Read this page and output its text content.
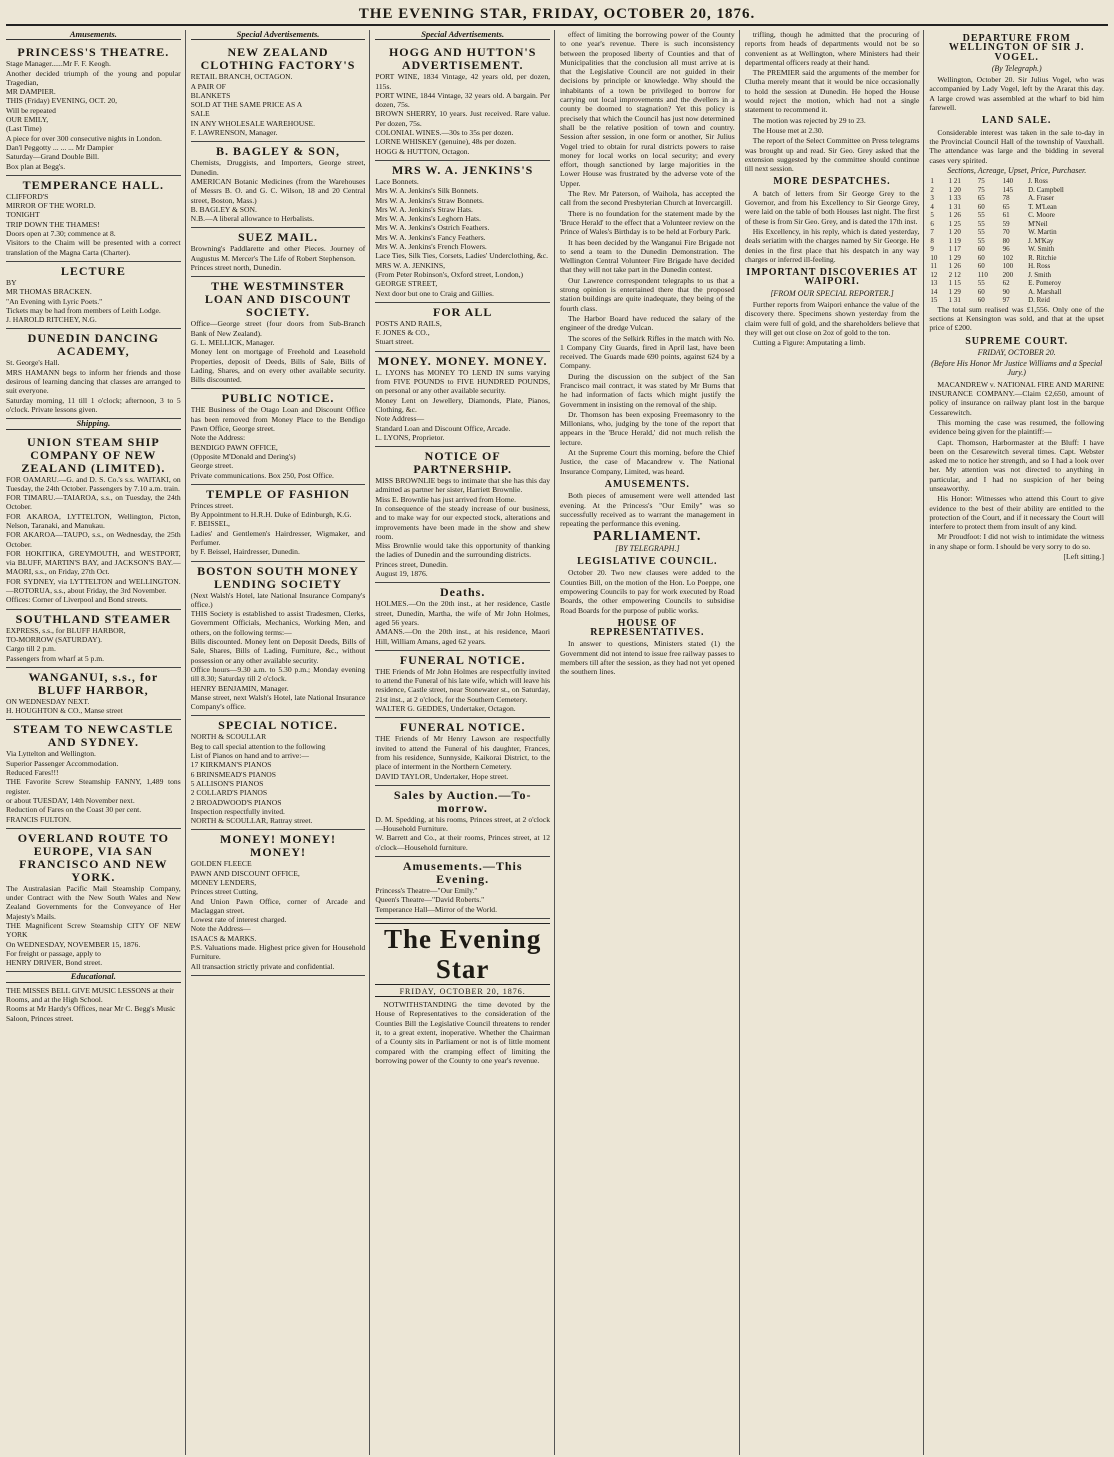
THE EVENING STAR, FRIDAY, OCTOBER 20, 1876.
Amusements.
PRINCESS'S THEATRE.
Stage Manager......Mr F. F. Keogh.
Another decided triumph of the young and popular Tragedian,
MR DAMPIER.
THIS (Friday) EVENING, OCT. 20,
Will be repeated
OUR EMILY,
(Last Time)
A piece for over 300 consecutive nights in London.
Dan'l Peggotty ... ... ... Mr Dampier
Saturday—Grand Double Bill.
Box plan at Begg's.
TEMPERANCE HALL.
CLIFFORD'S
MIRROR OF THE WORLD.
TONIGHT
TRIP DOWN THE THAMES!
Doors open at 7.30; commence at 8.
Visitors to the Chaim will be presented with a correct translation of the Magna Carta (Charter).
LECTURE
BY
MR THOMAS BRACKEN.
"An Evening with Lyric Poets."
Tickets may be had from members of Leith Lodge.
J. HAROLD RITCHEY, N.G.
DUNEDIN DANCING ACADEMY,
St. George's Hall.
MRS HAMANN begs to inform her friends and those desirous of learning dancing that classes are arranged to suit everyone.
Saturday morning, 11 till 1 o'clock; afternoon, 3 to 5 o'clock. Private lessons given.
Shipping.
UNION STEAM SHIP COMPANY OF NEW ZEALAND (LIMITED).
FOR OAMARU.—G. and D. S. Co.'s s.s. WAITAKI, on Tuesday, the 24th October. Passengers by 7.10 a.m. train.
FOR TIMARU.—TAIAROA, s.s., on Tuesday, the 24th October.
FOR AKAROA, LYTTELTON, Wellington, Picton, Nelson, Taranaki, and Manukau.
FOR AKAROA—TAUPO, s.s., on Wednesday, the 25th October.
FOR HOKITIKA, GREYMOUTH, and WESTPORT, via BLUFF, MARTIN'S BAY, and JACKSON'S BAY.—MAORI, s.s., on Friday, 27th Oct.
FOR SYDNEY, via LYTTELTON and WELLINGTON.—ROTORUA, s.s., about Friday, the 3rd November.
Offices: Corner of Liverpool and Bond streets.
SOUTHLAND STEAMER
EXPRESS, s.s., for BLUFF HARBOR,
TO-MORROW (SATURDAY).
Cargo till 2 p.m.
Passengers from wharf at 5 p.m.
WANGANUI, s.s., for BLUFF HARBOR,
ON WEDNESDAY NEXT.
H. HOUGHTON & CO., Manse street
STEAM TO NEWCASTLE AND SYDNEY.
Via Lyttelton and Wellington.
Superior Passenger Accommodation.
Reduced Fares!!!
THE Favorite Screw Steamship FANNY, 1,489 tons register.
or about TUESDAY, 14th November next.
Reduction of Fares on the Coast 30 per cent.
FRANCIS FULTON.
OVERLAND ROUTE TO EUROPE, VIA SAN FRANCISCO AND NEW YORK.
The Australasian Pacific Mail Steamship Company, under Contract with the New South Wales and New Zealand Governments for the Conveyance of Her Majesty's Mails.
THE Magnificent Screw Steamship CITY OF NEW YORK
On WEDNESDAY, NOVEMBER 15, 1876.
For freight or passage, apply to
HENRY DRIVER, Bond street.
Educational.
THE MISSES BELL GIVE MUSIC LESSONS at their Rooms, and at the High School.
Rooms at Mr Hardy's Offices, near Mr C. Begg's Music Saloon, Princes street.
Special Advertisements.
NEW ZEALAND CLOTHING FACTORY'S
RETAIL BRANCH, OCTAGON.
A PAIR OF
BLANKETS
SOLD AT THE SAME PRICE AS A
SALE
IN ANY WHOLESALE WAREHOUSE.
F. LAWRENSON, Manager.
B. BAGLEY & SON,
Chemists, Druggists, and Importers, George street, Dunedin.
AMERICAN Botanic Medicines (from the Warehouses of Messrs B. O. and G. C. Wilson, 18 and 20 Central street, Boston, Mass.)
B. BAGLEY & SON.
N.B.—A liberal allowance to Herbalists.
SUEZ MAIL.
Browning's Paddlarette and other Pieces. Journey of Augustus M. Mercer's The Life of Robert Stephenson.
Princes street north, Dunedin.
THE WESTMINSTER LOAN AND DISCOUNT SOCIETY.
Office—George street (four doors from Sub-Branch Bank of New Zealand).
G. L. MELLICK, Manager.
Money lent on mortgage of Freehold and Leasehold Properties, deposit of Deeds, Bills of Sale, Bills of Lading, Shares, and on every other available security. Bills discounted.
PUBLIC NOTICE.
THE Business of the Otago Loan and Discount Office has been removed from Money Place to the Bendigo Pawn Office, George street.
Note the Address:
BENDIGO PAWN OFFICE,
(Opposite M'Donald and Dering's)
George street.
Private communications. Box 250, Post Office.
TEMPLE OF FASHION
Princes street.
By Appointment to H.R.H. Duke of Edinburgh, K.G.
F. BEISSEL,
Ladies' and Gentlemen's Hairdresser, Wigmaker, and Perfumer.
by F. Beissel, Hairdresser, Dunedin.
BOSTON SOUTH MONEY LENDING SOCIETY
(Next Walsh's Hotel, late National Insurance Company's office.)
THIS Society is established to assist Tradesmen, Clerks, Government Officials, Mechanics, Working Men, and others, on the following terms:—
Bills discounted. Money lent on Deposit Deeds, Bills of Sale, Shares, Bills of Lading, Furniture, &c., without possession or any other available security.
Office hours—9.30 a.m. to 5.30 p.m.; Monday evening till 8.30; Saturday till 2 o'clock.
HENRY BENJAMIN, Manager.
Manse street, next Walsh's Hotel, late National Insurance Company's office.
SPECIAL NOTICE.
NORTH & SCOULLAR
Beg to call special attention to the following
List of Pianos on hand and to arrive:—
17 KIRKMAN'S PIANOS
6 BRINSMEAD'S PIANOS
5 ALLISON'S PIANOS
2 COLLARD'S PIANOS
2 BROADWOOD'S PIANOS
Inspection respectfully invited.
NORTH & SCOULLAR, Rattray street.
MONEY! MONEY! MONEY!
GOLDEN FLEECE
PAWN AND DISCOUNT OFFICE,
MONEY LENDERS,
Princes street Cutting,
And Union Pawn Office, corner of Arcade and Maclaggan street.
Lowest rate of interest charged.
Note the Address—
ISAACS & MARKS.
P.S. Valuations made. Highest price given for Household Furniture.
All transaction strictly private and confidential.
Special Advertisements.
HOGG AND HUTTON'S ADVERTISEMENT.
PORT WINE, 1834 Vintage, 42 years old, per dozen, 115s.
PORT WINE, 1844 Vintage, 32 years old. A bargain. Per dozen, 75s.
BROWN SHERRY, 10 years. Just received. Rare value. Per dozen, 75s.
COLONIAL WINES.—30s to 35s per dozen.
LORNE WHISKEY (genuine), 48s per dozen.
HOGG & HUTTON, Octagon.
MRS W. A. JENKINS'S
Lace Bonnets.
Mrs W. A. Jenkins's Silk Bonnets.
Mrs W. A. Jenkins's Straw Bonnets.
Mrs W. A. Jenkins's Straw Hats.
Mrs W. A. Jenkins's Leghorn Hats.
Mrs W. A. Jenkins's Ostrich Feathers.
Mrs W. A. Jenkins's Fancy Feathers.
Mrs W. A. Jenkins's French Flowers.
Lace Ties, Silk Ties, Corsets, Ladies' Underclothing, &c.
MRS W. A. JENKINS,
(From Peter Robinson's, Oxford street, London,)
GEORGE STREET,
Next door but one to Craig and Gillies.
FOR ALL
POSTS AND RAILS,
F. JONES & CO.,
Stuart street.
MONEY. MONEY. MONEY.
L. LYONS has MONEY TO LEND IN sums varying from FIVE POUNDS to FIVE HUNDRED POUNDS, on personal or any other available security.
Money Lent on Jewellery, Diamonds, Plate, Pianos, Clothing, &c.
Note Address—
Standard Loan and Discount Office, Arcade.
L. LYONS, Proprietor.
NOTICE OF PARTNERSHIP.
MISS BROWNLIE begs to intimate that she has this day admitted as partner her sister, Harriett Brownlie.
Miss E. Brownlie has just arrived from Home.
In consequence of the steady increase of our business, and to make way for our expected stock, alterations and improvements have been made in the show and shew room.
Miss Brownlie would take this opportunity of thanking the ladies of Dunedin and the surrounding districts.
Princes street, Dunedin.
August 19, 1876.
Deaths.
HOLMES.—On the 20th inst., at her residence, Castle street, Dunedin, Martha, the wife of Mr John Holmes, aged 56 years.
AMANS.—On the 20th inst., at his residence, Maori Hill, William Amans, aged 62 years.
FUNERAL NOTICE.
THE Friends of Mr John Holmes are respectfully invited to attend the Funeral of his late wife, which will leave his residence, Castle street, near Stonewater st., on Saturday, 21st inst., at 2 o'clock, for the Southern Cemetery.
WALTER G. GEDDES, Undertaker, Octagon.
FUNERAL NOTICE.
THE Friends of Mr Henry Lawson are respectfully invited to attend the Funeral of his daughter, Frances, from his residence, Sunnyside, Kaikorai District, to the place of interment in the Northern Cemetery.
DAVID TAYLOR, Undertaker, Hope street.
Sales by Auction.—To-morrow.
D. M. Spedding, at his rooms, Princes street, at 2 o'clock—Household Furniture.
W. Barrett and Co., at their rooms, Princes street, at 12 o'clock—Household furniture.
Amusements.—This Evening.
Princess's Theatre—"Our Emily."
Queen's Theatre—"David Roberts."
Temperance Hall—Mirror of the World.
The Evening Star
FRIDAY, OCTOBER 20, 1876.

NOTWITHSTANDING the time devoted by the House of Representatives to the consideration of the Counties Bill the Legislative Council threatens to render it, to a great extent, inoperative. Whether the Chairman of a County sits in Parliament or not is of little moment compared with the cramping effect of limiting the borrowing power of the County to one year's revenue.

effect of limiting the borrowing power of the County to one year's revenue. There is such inconsistency between the proposed liberty of Counties and that of Municipalities that the conclusion all must arrive at is that the Legislative Council are not guided in their decisions by principle or knowledge. Why should the inhabitants of a town be privileged to borrow for carrying out local improvements and the dwellers in a county be doomed to stagnation? Yet this policy is precisely that which the Council has just now determined shall be the relative position of town and country. Session after session, in one form or another, Sir Julius Vogel tried to obtain for rural districts powers to raise money for local works on local security; and every effort, though sanctioned by large majorities in the Lower House was frustrated by the adverse vote of the Upper.

The Rev. Mr Paterson, of Waihola, has accepted the call from the second Presbyterian Church at Invercargill.

There is no foundation for the statement made by the 'Bruce Herald' to the effect that a Volunteer review on the Prince of Wales's Birthday is to be held at Forbury Park.

It has been decided by the Wanganui Fire Brigade not to send a team to the Dunedin Demonstration. The Wellington Central Volunteer Fire Brigade have decided that they will not take part in the Dunedin contest.

Our Lawrence correspondent telegraphs to us that a strong opinion is entertained there that the proposed station buildings are quite inadequate, they being of the fourth class.

The Harbor Board have reduced the salary of the engineer of the dredge Vulcan.

The scores of the Selkirk Rifles in the match with No. 1 Company City Guards, fired in April last, have been received. The Guards made 690 points, against 624 by a Company.

During the discussion on the subject of the San Francisco mail contract, it was stated by Mr Burns that he had information of facts which might justify the Government in insisting on the removal of the ship.

Dr. Thomson has been exposing Freemasonry to the Millonians, who, judging by the tone of the report that appears in the 'Bruce Herald,' did not much relish the lecture.

At the Supreme Court this morning, before the Chief Justice, the case of Macandrew v. The National Insurance Company, Limited, was heard.

AMUSEMENTS.

Both pieces of amusement were well attended last evening. At the Princess's "Our Emily" was so successfully received as to warrant the management in repeating the performance this evening.

PARLIAMENT.
[BY TELEGRAPH.]
LEGISLATIVE COUNCIL.

October 20. Two new clauses were added to the Counties Bill, on the motion of the Hon. Lo Poeppe, one empowering Councils to pay for work executed by Road Boards, the other empowering Councils to subsidise Road Boards for the purpose of public works.

HOUSE OF REPRESENTATIVES.

In answer to questions, Ministers stated (1) the Government did not intend to issue free railway passes to members till after the session, as they had not yet opened the southern lines.

trifling, though he admitted that the procuring of reports from heads of departments would not be so convenient as at Wellington, where Ministers had their departmental officers ready at their hand.

The PREMIER said the arguments of the member for Clutha merely meant that it would be nice occasionally to hold the session at Dunedin. He hoped the House would reject the motion, which had not a single statement to recommend it.

The motion was rejected by 29 to 23.

The House met at 2.30.

The report of the Select Committee on Press telegrams was brought up and read. Sir Geo. Grey asked that the extension suggested by the committee should continue till next session.

MORE DESPATCHES.

A batch of letters from Sir George Grey to the Governor, and from his Excellency to Sir George Grey, were laid on the table of both Houses last night. The first of these is from Sir Geo. Grey, and is dated the 17th inst.

His Excellency, in his reply, which is dated yesterday, deals seriatim with the charges named by Sir George. He denies in the first place that his despatch in any way charges or inferred ill-feeling.

IMPORTANT DISCOVERIES AT WAIPORI.
[FROM OUR SPECIAL REPORTER.]

Further reports from Waipori enhance the value of the discovery there. Specimens shown yesterday from the claim were full of gold, and the shareholders believe that they will get out close on 2oz of gold to the ton.

Cutting a Figure: Amputating a limb.

DEPARTURE FROM WELLINGTON OF SIR J. VOGEL.
(By Telegraph.)

Wellington, October 20. Sir Julius Vogel, who was accompanied by Lady Vogel, left by the Ararat this day. A large crowd was assembled at the wharf to bid him farewell.

LAND SALE.

Considerable interest was taken in the sale to-day in the Provincial Council Hall of the township of Vauxhall. The attendance was large and the bidding in several cases very spirited.

Sections, Acreage, Upset, Price, Purchaser.
1	1 21	75	140	J. Ross
2	1 20	75	145	D. Campbell
3	1 33	65	78	A. Fraser
4	1 31	60	65	T. M'Lean
5	1 26	55	61	C. Moore
6	1 25	55	59	M'Neil
7	1 20	55	70	W. Martin
8	1 19	55	80	J. M'Kay
9	1 17	60	96	W. Smith
10	1 29	60	102	R. Ritchie
11	1 26	60	100	H. Ross
12	2 12	110	200	J. Smith
13	1 15	55	62	E. Pomeroy
14	1 29	60	90	A. Marshall
15	1 31	60	97	D. Reid

The total sum realised was £1,556. Only one of the sections at Kensington was sold, and that at the upset price of £200.

SUPREME COURT.
FRIDAY, OCTOBER 20.
(Before His Honor Mr Justice Williams and a Special Jury.)

MACANDREW v. NATIONAL FIRE AND MARINE INSURANCE COMPANY.—Claim £2,650, amount of policy of insurance on railway plant lost in the barque Cessarewitch.

This morning the case was resumed, the following evidence being given for the plaintiff:—

Capt. Thomson, Harbormaster at the Bluff: I have been on the Cesarewitch several times. Capt. Webster asked me to notice her strength, and so I had a look over her. My attention was not directed to anything in particular, and I had no suspicion of her being unseaworthy.

His Honor: Witnesses who attend this Court to give evidence to the best of their ability are entitled to the protection of the Court, and if it necessary the Court will interfere to protect them from insult of any kind.

Mr Proudfoot: I did not wish to intimidate the witness in any shape or form. I should be very sorry to do so.

[Left sitting.]
